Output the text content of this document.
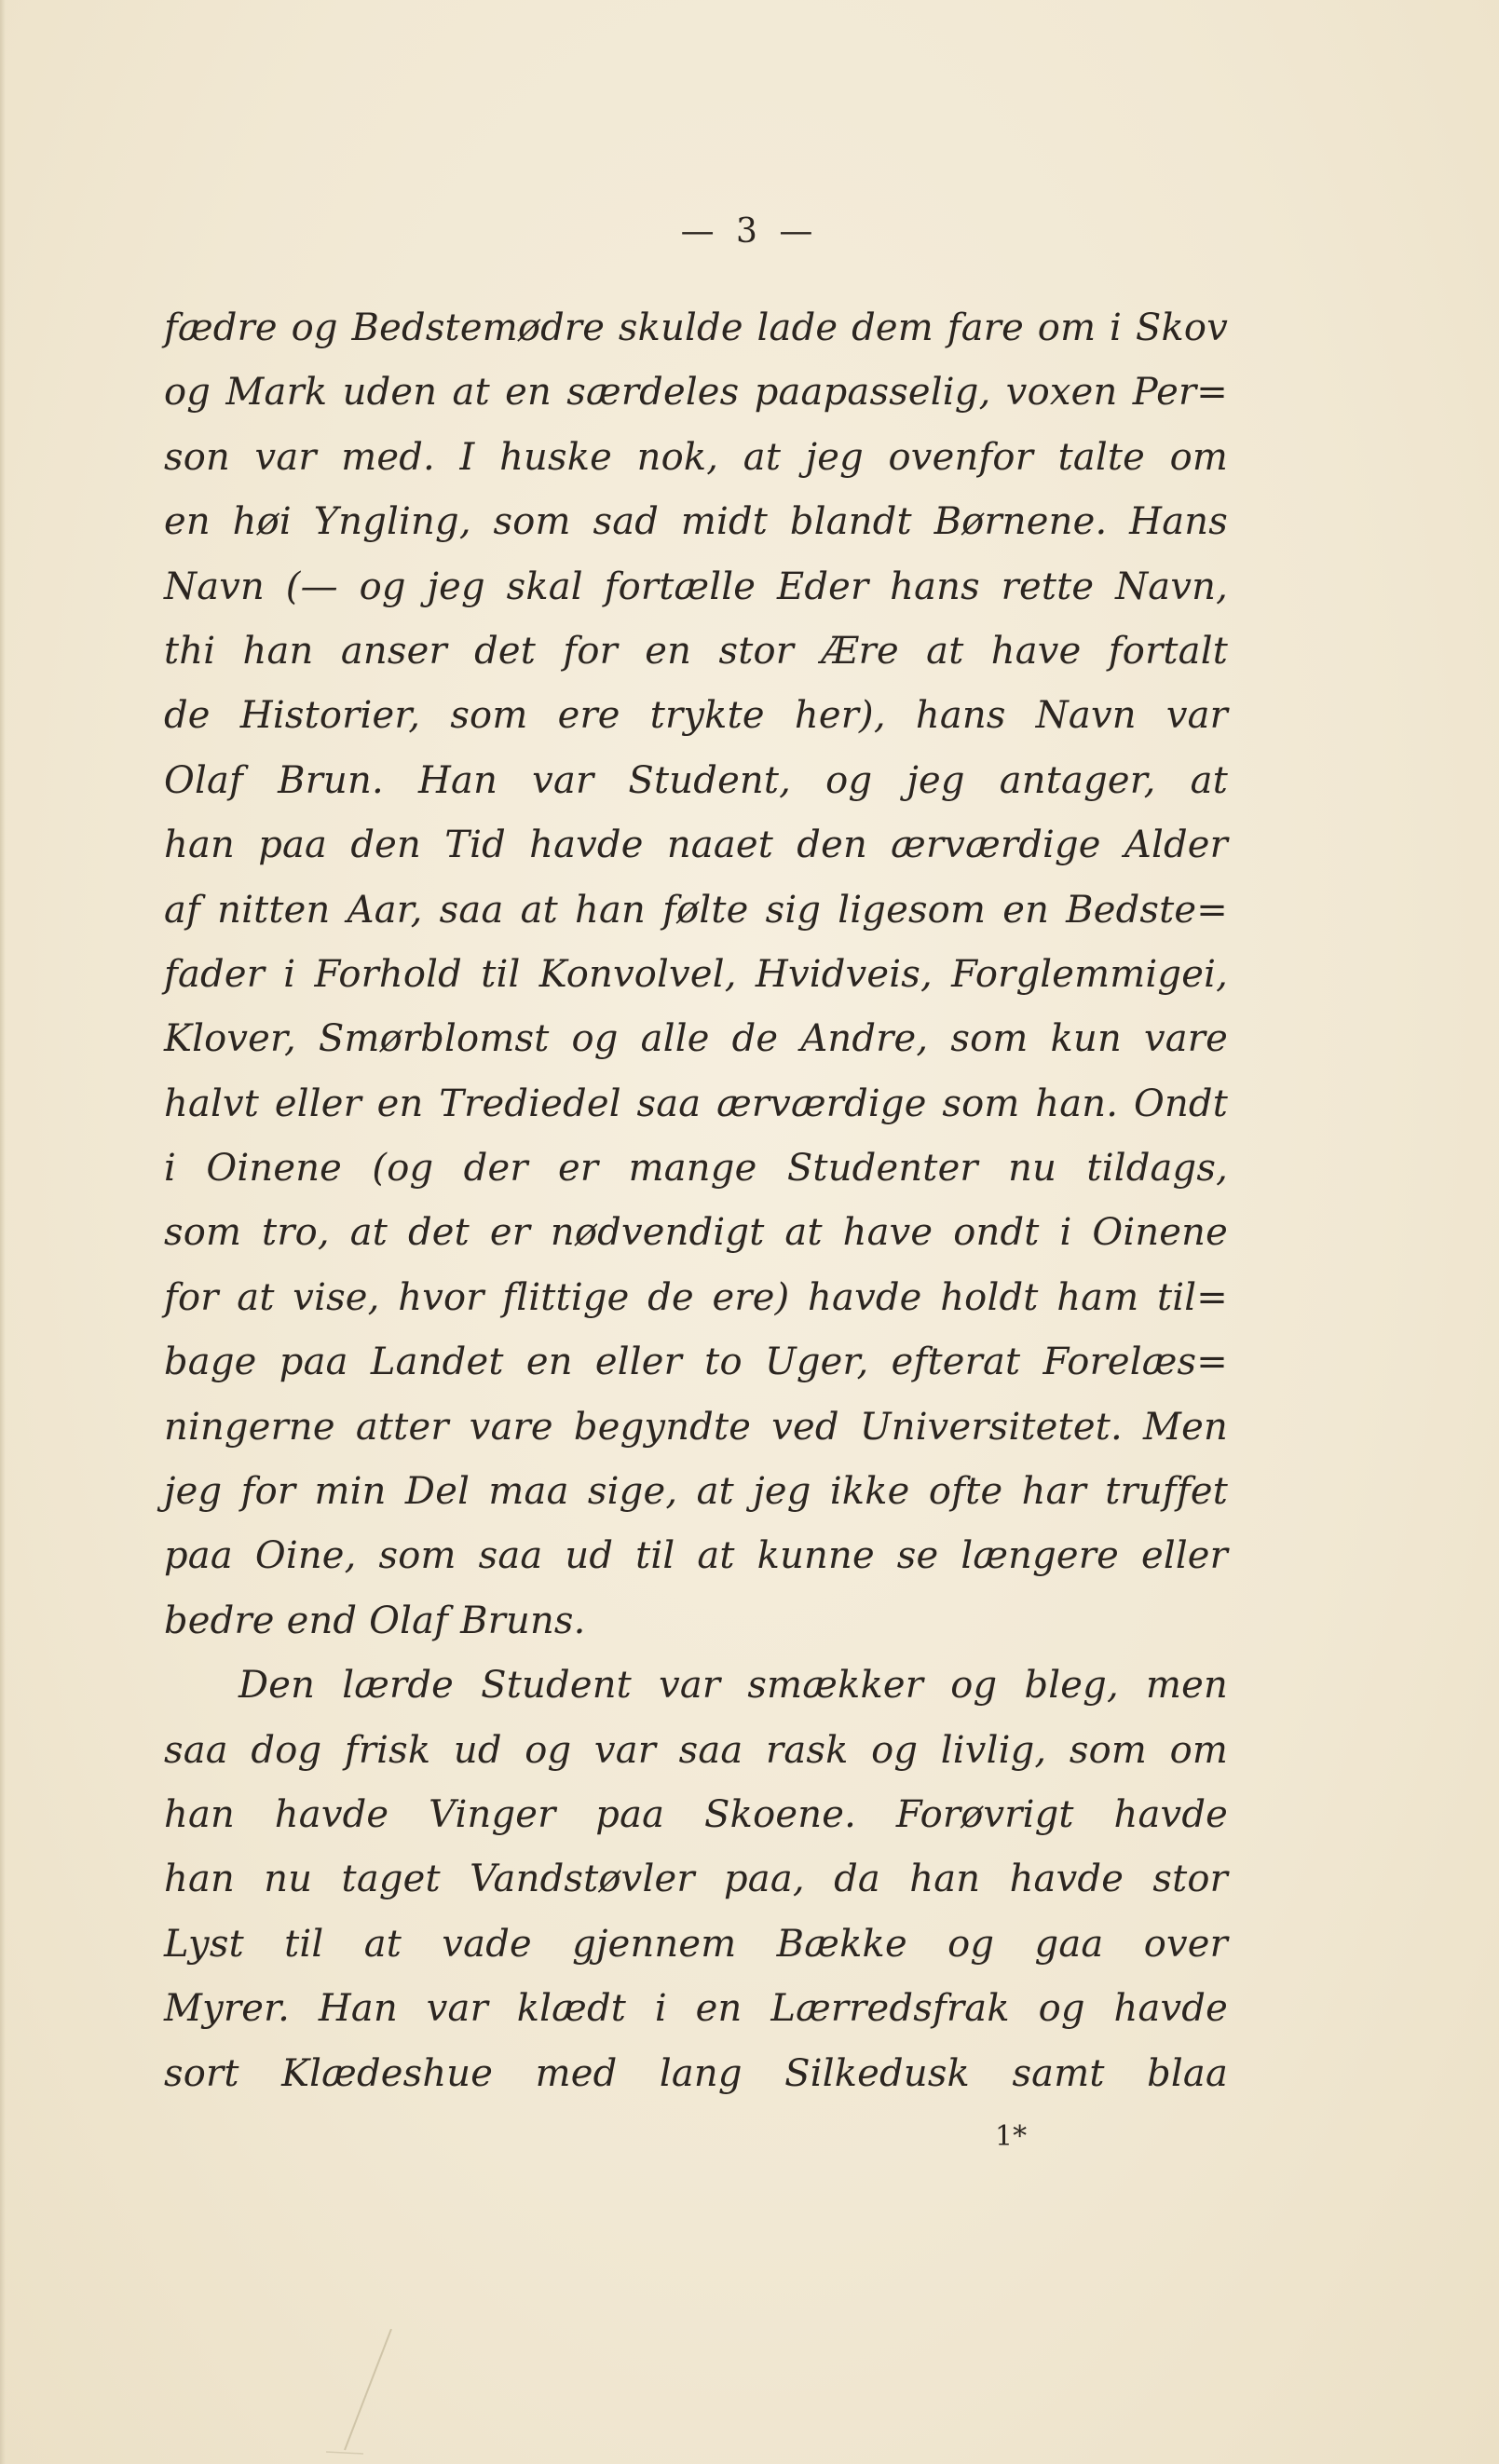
— 3 —
fædre og Bedstemødre skulde lade dem fare om i Skov
og Mark uden at en særdeles paapasselig, voxen Per=
son var med. I huske nok, at jeg ovenfor talte om
en høi Yngling, som sad midt blandt Børnene. Hans
Navn (— og jeg skal fortælle Eder hans rette Navn,
thi han anser det for en stor Ære at have fortalt
de Historier, som ere trykte her), hans Navn var
Olaf Brun. Han var Student, og jeg antager, at
han paa den Tid havde naaet den ærværdige Alder
af nitten Aar, saa at han følte sig ligesom en Bedste=
fader i Forhold til Konvolvel, Hvidveis, Forglemmigei,
Klover, Smørblomst og alle de Andre, som kun vare
halvt eller en Trediedel saa ærværdige som han. Ondt
i Oinene (og der er mange Studenter nu tildags,
som tro, at det er nødvendigt at have ondt i Oinene
for at vise, hvor flittige de ere) havde holdt ham til=
bage paa Landet en eller to Uger, efterat Forelæs=
ningerne atter vare begyndte ved Universitetet. Men
jeg for min Del maa sige, at jeg ikke ofte har truffet
paa Oine, som saa ud til at kunne se længere eller
bedre end Olaf Bruns.
Den lærde Student var smækker og bleg, men
saa dog frisk ud og var saa rask og livlig, som om
han havde Vinger paa Skoene. Forøvrigt havde
han nu taget Vandstøvler paa, da han havde stor
Lyst til at vade gjennem Bække og gaa over
Myrer. Han var klædt i en Lærredsfrak og havde
sort Klædeshue med lang Silkedusk samt blaa
1*
